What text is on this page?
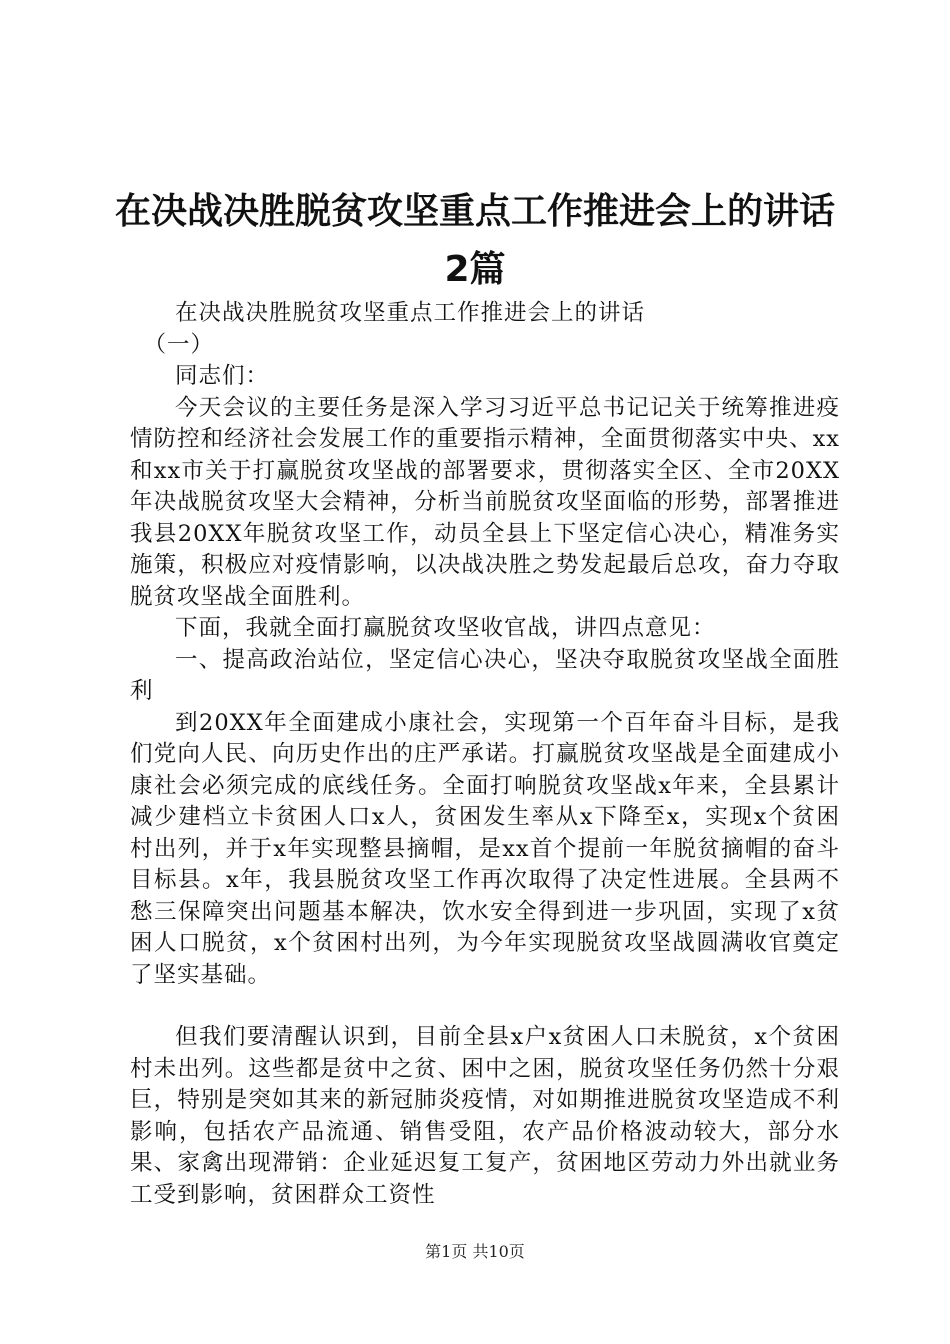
在决战决胜脱贫攻坚重点工作推进会上的讲话
2篇

在决战决胜脱贫攻坚重点工作推进会上的讲话

（一）

同志们：

今天会议的主要任务是深入学习习近平总书记记关于统筹推进疫情防控和经济社会发展工作的重要指示精神，全面贯彻落实中央、xx和xx市关于打赢脱贫攻坚战的部署要求，贯彻落实全区、全市20XX年决战脱贫攻坚大会精神，分析当前脱贫攻坚面临的形势，部署推进我县20XX年脱贫攻坚工作，动员全县上下坚定信心决心，精准务实施策，积极应对疫情影响，以决战决胜之势发起最后总攻，奋力夺取脱贫攻坚战全面胜利。

下面，我就全面打赢脱贫攻坚收官战，讲四点意见：

一、提高政治站位，坚定信心决心，坚决夺取脱贫攻坚战全面胜利

到20XX年全面建成小康社会，实现第一个百年奋斗目标，是我们党向人民、向历史作出的庄严承诺。打赢脱贫攻坚战是全面建成小康社会必须完成的底线任务。全面打响脱贫攻坚战x年来，全县累计减少建档立卡贫困人口x人，贫困发生率从x下降至x，实现x个贫困村出列，并于x年实现整县摘帽，是xx首个提前一年脱贫摘帽的奋斗目标县。x年，我县脱贫攻坚工作再次取得了决定性进展。全县两不愁三保障突出问题基本解决，饮水安全得到进一步巩固，实现了x贫困人口脱贫，x个贫困村出列，为今年实现脱贫攻坚战圆满收官奠定了坚实基础。

但我们要清醒认识到，目前全县x户x贫困人口未脱贫，x个贫困村未出列。这些都是贫中之贫、困中之困，脱贫攻坚任务仍然十分艰巨，特别是突如其来的新冠肺炎疫情，对如期推进脱贫攻坚造成不利影响，包括农产品流通、销售受阻，农产品价格波动较大，部分水果、家禽出现滞销：企业延迟复工复产，贫困地区劳动力外出就业务工受到影响，贫困群众工资性

第1页 共10页
